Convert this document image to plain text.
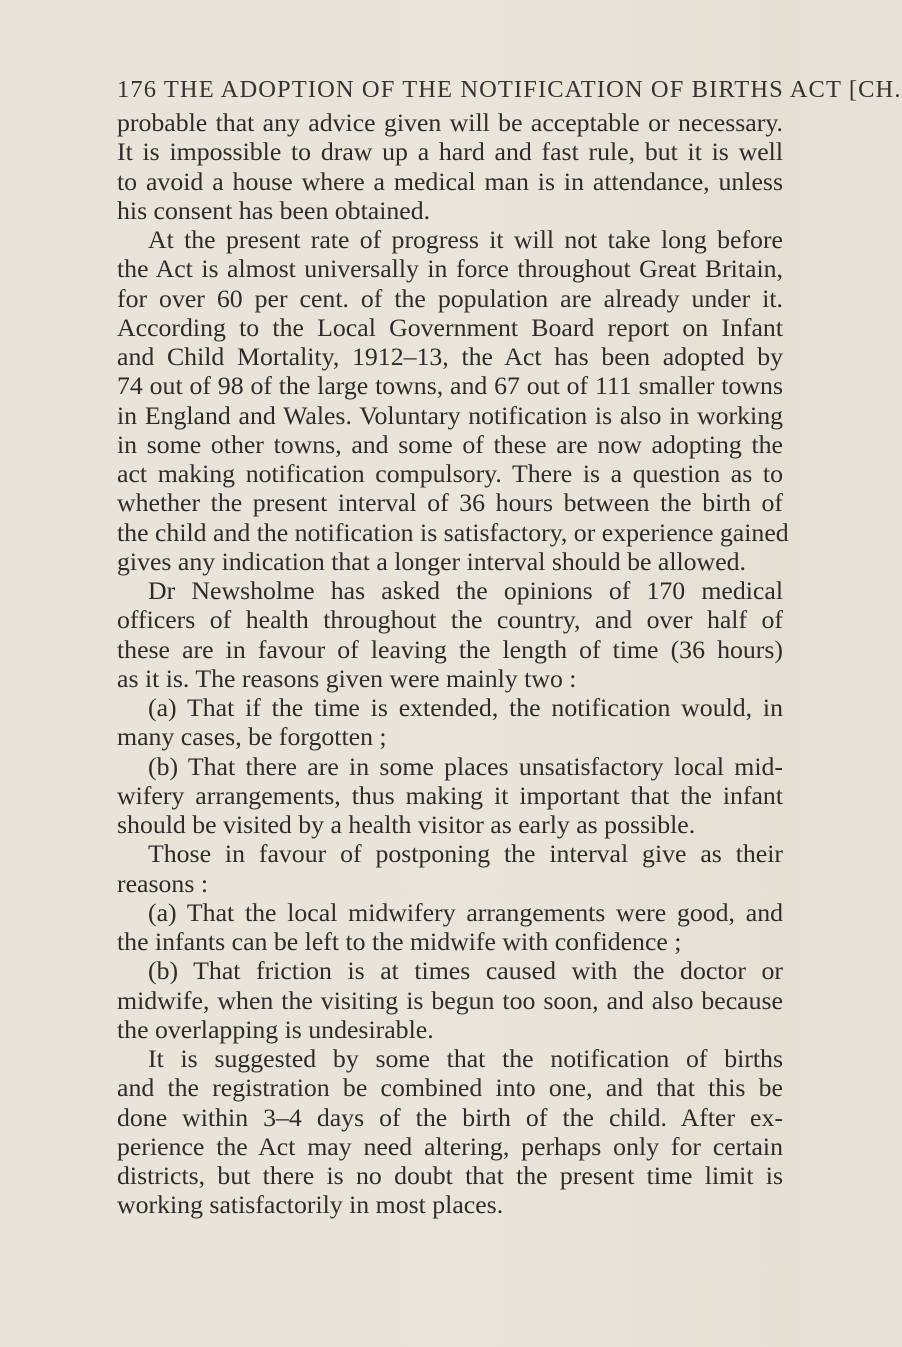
176 THE ADOPTION OF THE NOTIFICATION OF BIRTHS ACT [CH.
probable that any advice given will be acceptable or necessary.
It is impossible to draw up a hard and fast rule, but it is well
to avoid a house where a medical man is in attendance, unless
his consent has been obtained.
At the present rate of progress it will not take long before
the Act is almost universally in force throughout Great Britain,
for over 60 per cent. of the population are already under it.
According to the Local Government Board report on Infant
and Child Mortality, 1912–13, the Act has been adopted by
74 out of 98 of the large towns, and 67 out of 111 smaller towns
in England and Wales. Voluntary notification is also in working
in some other towns, and some of these are now adopting the
act making notification compulsory. There is a question as to
whether the present interval of 36 hours between the birth of
the child and the notification is satisfactory, or experience gained
gives any indication that a longer interval should be allowed.
Dr Newsholme has asked the opinions of 170 medical
officers of health throughout the country, and over half of
these are in favour of leaving the length of time (36 hours)
as it is. The reasons given were mainly two :
(a) That if the time is extended, the notification would, in
many cases, be forgotten ;
(b) That there are in some places unsatisfactory local mid-
wifery arrangements, thus making it important that the infant
should be visited by a health visitor as early as possible.
Those in favour of postponing the interval give as their
reasons :
(a) That the local midwifery arrangements were good, and
the infants can be left to the midwife with confidence ;
(b) That friction is at times caused with the doctor or
midwife, when the visiting is begun too soon, and also because
the overlapping is undesirable.
It is suggested by some that the notification of births
and the registration be combined into one, and that this be
done within 3–4 days of the birth of the child. After ex-
perience the Act may need altering, perhaps only for certain
districts, but there is no doubt that the present time limit is
working satisfactorily in most places.
